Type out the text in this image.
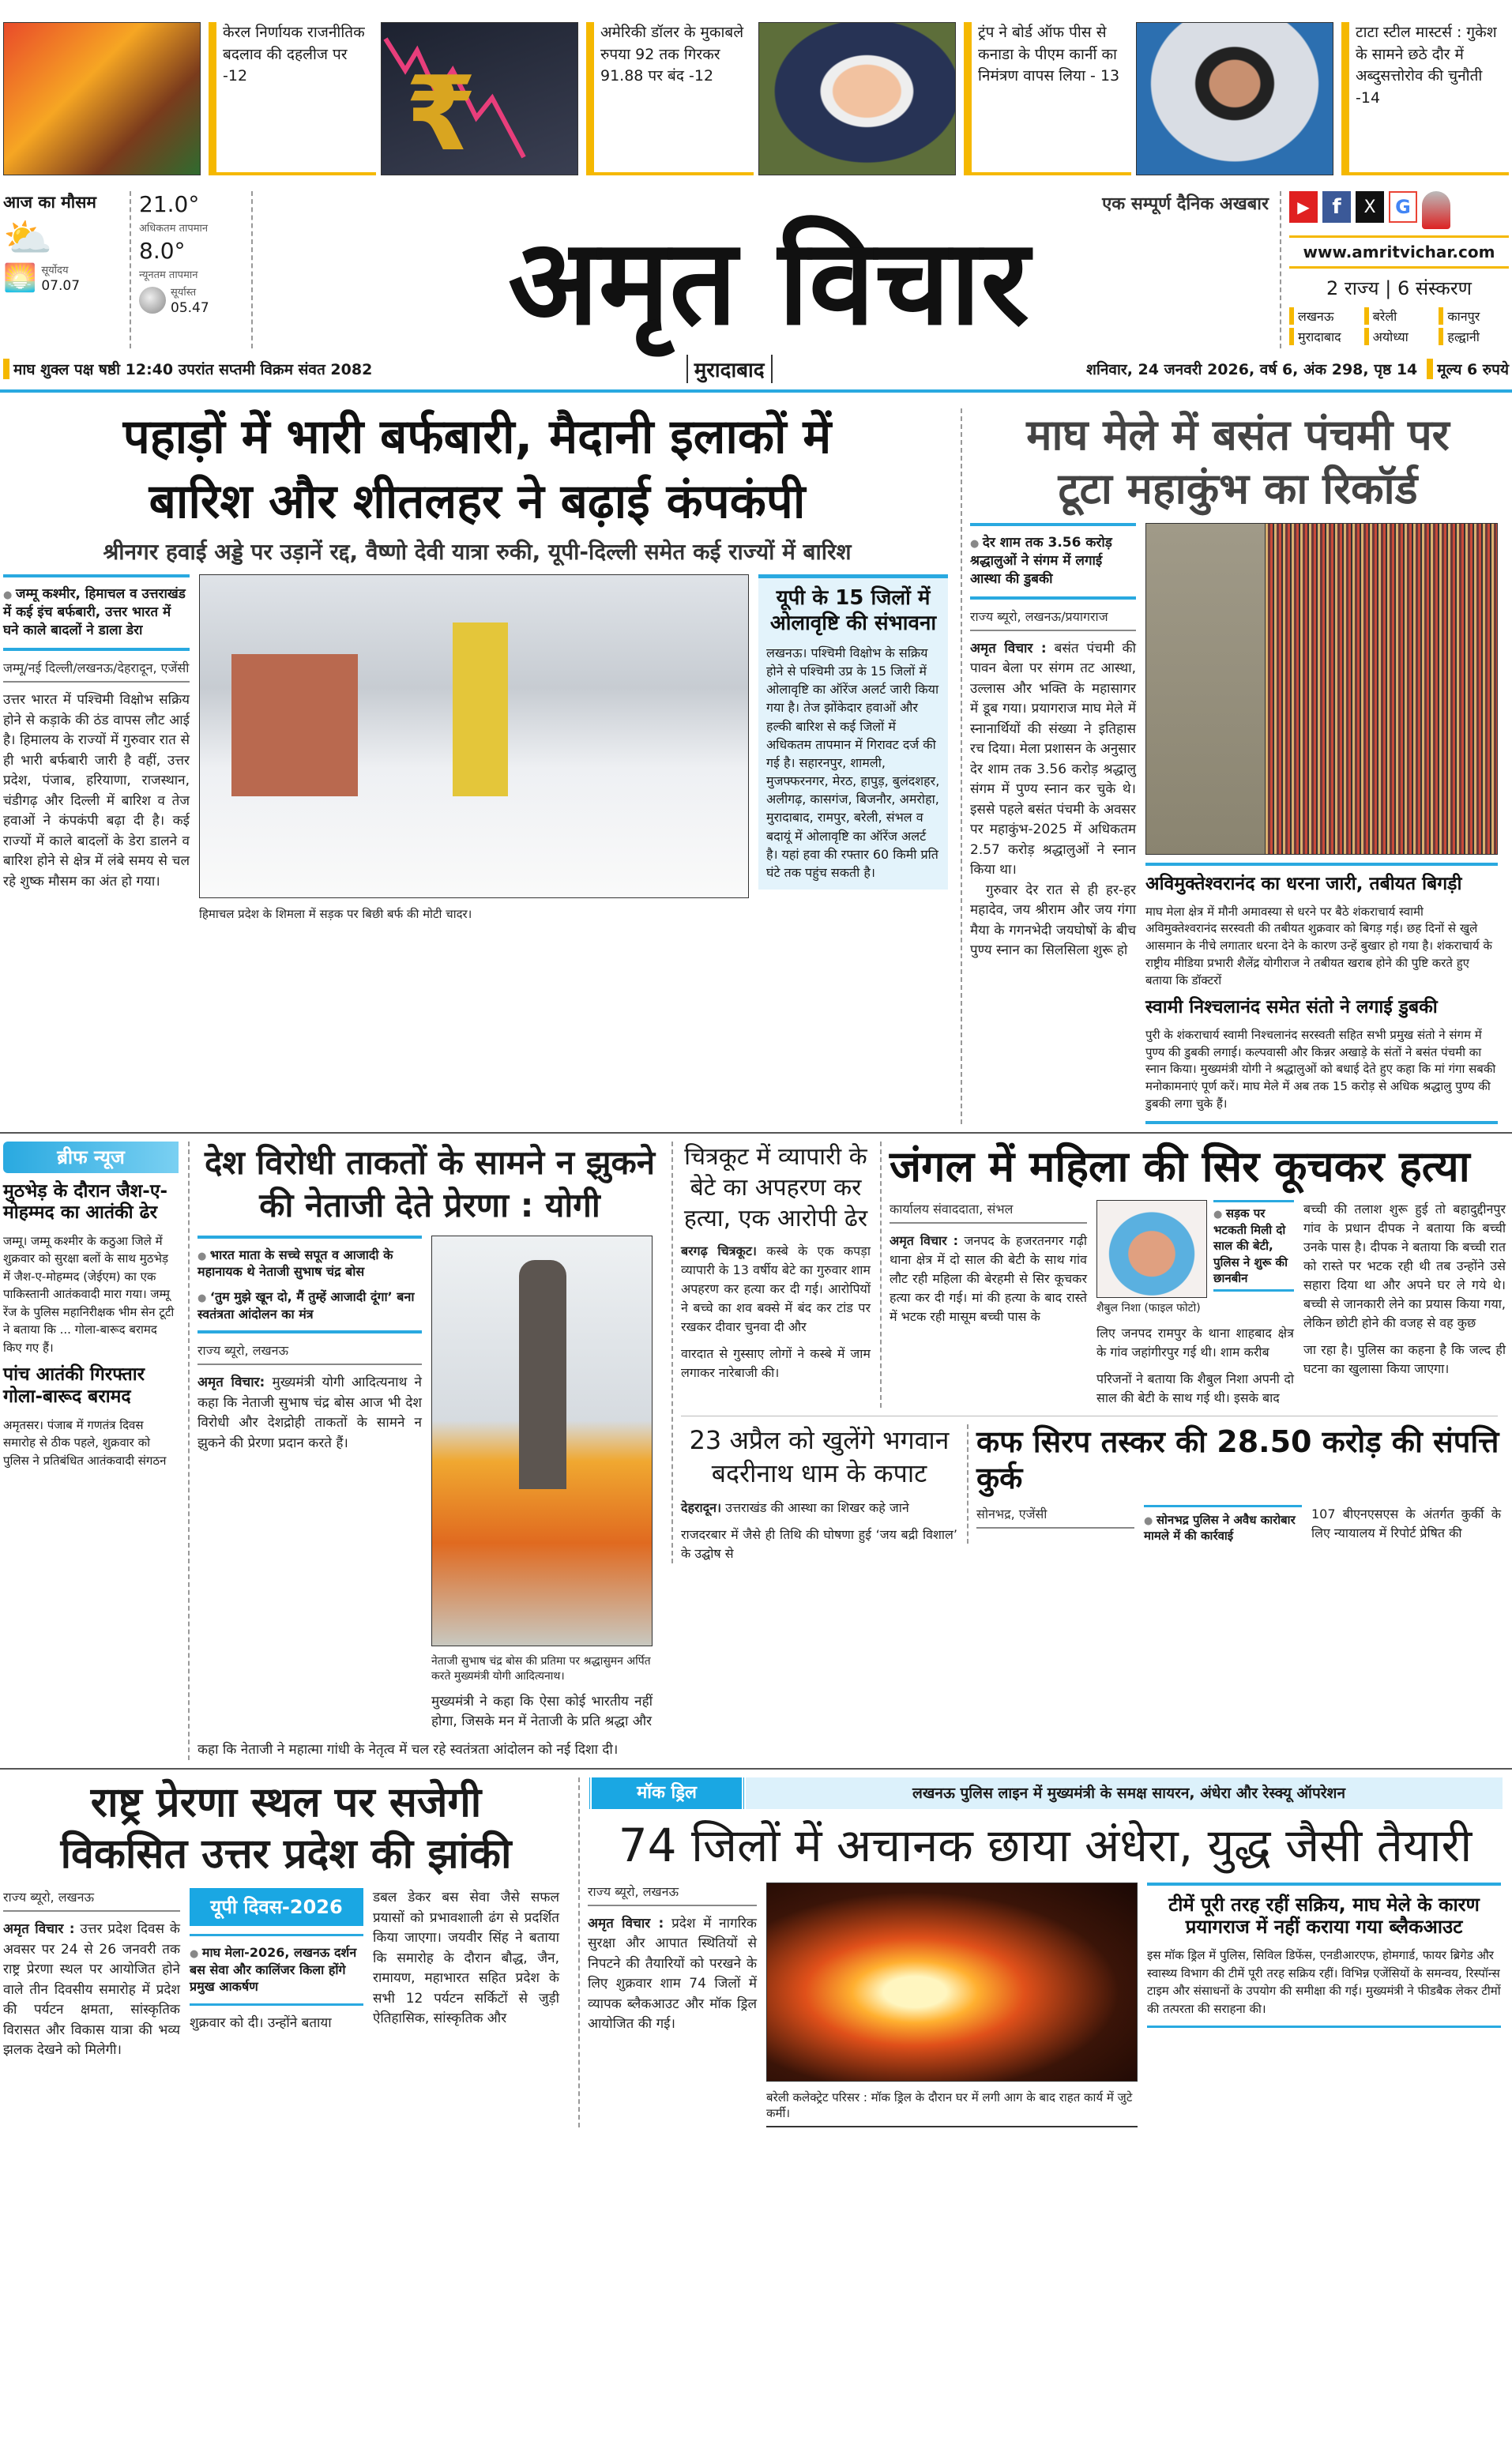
केरल निर्णायक राजनीतिक बदलाव की दहलीज पर -12	₹
अमेरिकी डॉलर के मुकाबले रुपया 92 तक गिरकर 91.88 पर बंद -12
ट्रंप ने बोर्ड ऑफ पीस से कनाडा के पीएम कार्नी का निमंत्रण वापस लिया - 13
टाटा स्टील मास्टर्स : गुकेश के सामने छठे दौर में अब्दुसत्तोरोव की चुनौती -14
आज का मौसम
⛅
🌅 सूर्योदय
07.07
21.0°
अधिकतम तापमान
8.0°
न्यूनतम तापमान
सूर्यास्त
05.47
एक सम्पूर्ण दैनिक अखबार
अमृत विचार
▶	f	X	G
www.amritvichar.com
2 राज्य | 6 संस्करण
लखनऊ	बरेली	कानपुर
मुरादाबाद	अयोध्या	हल्द्वानी
माघ शुक्ल पक्ष षष्ठी 12:40 उपरांत सप्तमी विक्रम संवत 2082	मुरादाबाद	शनिवार, 24 जनवरी 2026, वर्ष 6, अंक 298, पृष्ठ 14	मूल्य 6 रुपये
पहाड़ों में भारी बर्फबारी, मैदानी इलाकों में
बारिश और शीतलहर ने बढ़ाई कंपकंपी
श्रीनगर हवाई अड्डे पर उड़ानें रद्द, वैष्णो देवी यात्रा रुकी, यूपी-दिल्ली समेत कई राज्यों में बारिश
● जम्मू कश्मीर, हिमाचल व उत्तराखंड में कई इंच बर्फबारी, उत्तर भारत में घने काले बादलों ने डाला डेरा
जम्मू/नई दिल्ली/लखनऊ/देहरादून, एजेंसी
उत्तर भारत में पश्चिमी विक्षोभ सक्रिय होने से कड़ाके की ठंड वापस लौट आई है। हिमालय के राज्यों में गुरुवार रात से ही भारी बर्फबारी जारी है वहीं, उत्तर प्रदेश, पंजाब, हरियाणा, राजस्थान, चंडीगढ़ और दिल्ली में बारिश व तेज हवाओं ने कंपकंपी बढ़ा दी है। कई राज्यों में काले बादलों के डेरा डालने व बारिश होने से क्षेत्र में लंबे समय से चल रहे शुष्क मौसम का अंत हो गया।
हिमाचल प्रदेश के शिमला में सड़क पर बिछी बर्फ की मोटी चादर।
यूपी के 15 जिलों में ओलावृष्टि की संभावना
लखनऊ। पश्चिमी विक्षोभ के सक्रिय होने से पश्चिमी उप्र के 15 जिलों में ओलावृष्टि का ऑरेंज अलर्ट जारी किया गया है। तेज झोंकेदार हवाओं और हल्की बारिश से कई जिलों में अधिकतम तापमान में गिरावट दर्ज की गई है। सहारनपुर, शामली, मुजफ्फरनगर, मेरठ, हापुड़, बुलंदशहर, अलीगढ़, कासगंज, बिजनौर, अमरोहा, मुरादाबाद, रामपुर, बरेली, संभल व बदायूं में ओलावृष्टि का ऑरेंज अलर्ट है। यहां हवा की रफ्तार 60 किमी प्रति घंटे तक पहुंच सकती है।
माघ मेले में बसंत पंचमी पर
टूटा महाकुंभ का रिकॉर्ड
● देर शाम तक 3.56 करोड़ श्रद्धालुओं ने संगम में लगाई आस्था की डुबकी
राज्य ब्यूरो, लखनऊ/प्रयागराज
अमृत विचार : बसंत पंचमी की पावन बेला पर संगम तट आस्था, उल्लास और भक्ति के महासागर में डूब गया। प्रयागराज माघ मेले में स्नानार्थियों की संख्या ने इतिहास रच दिया। मेला प्रशासन के अनुसार देर शाम तक 3.56 करोड़ श्रद्धालु संगम में पुण्य स्नान कर चुके थे। इससे पहले बसंत पंचमी के अवसर पर महाकुंभ-2025 में अधिकतम 2.57 करोड़ श्रद्धालुओं ने स्नान किया था।
गुरुवार देर रात से ही हर-हर महादेव, जय श्रीराम और जय गंगा मैया के गगनभेदी जयघोषों के बीच पुण्य स्नान का सिलसिला शुरू हो
अविमुक्तेश्वरानंद का धरना जारी, तबीयत बिगड़ी
माघ मेला क्षेत्र में मौनी अमावस्या से धरने पर बैठे शंकराचार्य स्वामी अविमुक्तेश्वरानंद सरस्वती की तबीयत शुक्रवार को बिगड़ गई। छह दिनों से खुले आसमान के नीचे लगातार धरना देने के कारण उन्हें बुखार हो गया है। शंकराचार्य के राष्ट्रीय मीडिया प्रभारी शैलेंद्र योगीराज ने तबीयत खराब होने की पुष्टि करते हुए बताया कि डॉक्टरों
स्वामी निश्चलानंद समेत संतो ने लगाई डुबकी
पुरी के शंकराचार्य स्वामी निश्चलानंद सरस्वती सहित सभी प्रमुख संतो ने संगम में पुण्य की डुबकी लगाई। कल्पवासी और किन्नर अखाड़े के संतों ने बसंत पंचमी का स्नान किया। मुख्यमंत्री योगी ने श्रद्धालुओं को बधाई देते हुए कहा कि मां गंगा सबकी मनोकामनाएं पूर्ण करें। माघ मेले में अब तक 15 करोड़ से अधिक श्रद्धालु पुण्य की डुबकी लगा चुके हैं।
ब्रीफ न्यूज
मुठभेड़ के दौरान जैश-ए-मोहम्मद का आतंकी ढेर
जम्मू। जम्मू कश्मीर के कठुआ जिले में शुक्रवार को सुरक्षा बलों के साथ मुठभेड़ में जैश-ए-मोहम्मद (जेईएम) का एक पाकिस्तानी आतंकवादी मारा गया। जम्मू रेंज के पुलिस महानिरीक्षक भीम सेन टूटी ने बताया कि ... गोला-बारूद बरामद किए गए हैं।
पांच आतंकी गिरफ्तार गोला-बारूद बरामद
अमृतसर। पंजाब में गणतंत्र दिवस समारोह से ठीक पहले, शुक्रवार को पुलिस ने प्रतिबंधित आतंकवादी संगठन
देश विरोधी ताकतों के सामने न झुकने की नेताजी देते प्रेरणा : योगी
● भारत माता के सच्चे सपूत व आजादी के महानायक थे नेताजी सुभाष चंद्र बोस
● ‘तुम मुझे खून दो, मैं तुम्हें आजादी दूंगा’ बना स्वतंत्रता आंदोलन का मंत्र
राज्य ब्यूरो, लखनऊ
अमृत विचार: मुख्यमंत्री योगी आदित्यनाथ ने कहा कि नेताजी सुभाष चंद्र बोस आज भी देश विरोधी और देशद्रोही ताकतों के सामने न झुकने की प्रेरणा प्रदान करते हैं।
नेताजी सुभाष चंद्र बोस की प्रतिमा पर श्रद्धासुमन अर्पित करते मुख्यमंत्री योगी आदित्यनाथ।
मुख्यमंत्री ने कहा कि ऐसा कोई भारतीय नहीं होगा, जिसके मन में नेताजी के प्रति श्रद्धा और
कहा कि नेताजी ने महात्मा गांधी के नेतृत्व में चल रहे स्वतंत्रता आंदोलन को नई दिशा दी।
चित्रकूट में व्यापारी के बेटे का अपहरण कर हत्या, एक आरोपी ढेर
बरगढ़ चित्रकूट। कस्बे के एक कपड़ा व्यापारी के 13 वर्षीय बेटे का गुरुवार शाम अपहरण कर हत्या कर दी गई। आरोपियों ने बच्चे का शव बक्से में बंद कर टांड पर रखकर दीवार चुनवा दी और
वारदात से गुस्साए लोगों ने कस्बे में जाम लगाकर नारेबाजी की।
जंगल में महिला की सिर कूचकर हत्या
कार्यालय संवाददाता, संभल
अमृत विचार : जनपद के हजरतनगर गढ़ी थाना क्षेत्र में दो साल की बेटी के साथ गांव लौट रही महिला की बेरहमी से सिर कूचकर हत्या कर दी गई। मां की हत्या के बाद रास्ते में भटक रही मासूम बच्ची पास के
शैबुल निशा (फाइल फोटो)
● सड़क पर भटकती मिली दो साल की बेटी, पुलिस ने शुरू की छानबीन
लिए जनपद रामपुर के थाना शाहबाद क्षेत्र के गांव जहांगीरपुर गई थी। शाम करीब
परिजनों ने बताया कि शैबुल निशा अपनी दो साल की बेटी के साथ गई थी। इसके बाद
बच्ची की तलाश शुरू हुई तो बहादुद्दीनपुर गांव के प्रधान दीपक ने बताया कि बच्ची उनके पास है। दीपक ने बताया कि बच्ची रात को रास्ते पर भटक रही थी तब उन्होंने उसे सहारा दिया था और अपने घर ले गये थे। बच्ची से जानकारी लेने का प्रयास किया गया, लेकिन छोटी होने की वजह से वह कुछ
जा रहा है। पुलिस का कहना है कि जल्द ही घटना का खुलासा किया जाएगा।
23 अप्रैल को खुलेंगे भगवान बदरीनाथ धाम के कपाट
देहरादून। उत्तराखंड की आस्था का शिखर कहे जाने
राजदरबार में जैसे ही तिथि की घोषणा हुई ‘जय बद्री विशाल’ के उद्घोष से
कफ सिरप तस्कर की 28.50 करोड़ की संपत्ति कुर्क
सोनभद्र, एजेंसी	● सोनभद्र पुलिस ने अवैध कारोबार मामले में की कार्रवाई
107 बीएनएसएस के अंतर्गत कुर्की के लिए न्यायालय में रिपोर्ट प्रेषित की
राष्ट्र प्रेरणा स्थल पर सजेगी
विकसित उत्तर प्रदेश की झांकी
राज्य ब्यूरो, लखनऊ
अमृत विचार : उत्तर प्रदेश दिवस के अवसर पर 24 से 26 जनवरी तक राष्ट्र प्रेरणा स्थल पर आयोजित होने वाले तीन दिवसीय समारोह में प्रदेश की पर्यटन क्षमता, सांस्कृतिक विरासत और विकास यात्रा की भव्य झलक देखने को मिलेगी।
यूपी दिवस-2026
● माघ मेला-2026, लखनऊ दर्शन बस सेवा और कालिंजर किला होंगे प्रमुख आकर्षण
शुक्रवार को दी। उन्होंने बताया
डबल डेकर बस सेवा जैसे सफल प्रयासों को प्रभावशाली ढंग से प्रदर्शित किया जाएगा। जयवीर सिंह ने बताया कि समारोह के दौरान बौद्ध, जैन, रामायण, महाभारत सहित प्रदेश के सभी 12 पर्यटन सर्किटों से जुड़ी ऐतिहासिक, सांस्कृतिक और
मॉक ड्रिल	लखनऊ पुलिस लाइन में मुख्यमंत्री के समक्ष सायरन, अंधेरा और रेस्क्यू ऑपरेशन
74 जिलों में अचानक छाया अंधेरा, युद्ध जैसी तैयारी
राज्य ब्यूरो, लखनऊ
अमृत विचार : प्रदेश में नागरिक सुरक्षा और आपात स्थितियों से निपटने की तैयारियों को परखने के लिए शुक्रवार शाम 74 जिलों में व्यापक ब्लैकआउट और मॉक ड्रिल आयोजित की गई।
बरेली कलेक्ट्रेट परिसर : मॉक ड्रिल के दौरान घर में लगी आग के बाद राहत कार्य में जुटे कर्मी।
टीमें पूरी तरह रहीं सक्रिय, माघ मेले के कारण प्रयागराज में नहीं कराया गया ब्लैकआउट
इस मॉक ड्रिल में पुलिस, सिविल डिफेंस, एनडीआरएफ, होमगार्ड, फायर ब्रिगेड और स्वास्थ्य विभाग की टीमें पूरी तरह सक्रिय रहीं। विभिन्न एजेंसियों के समन्वय, रिस्पॉन्स टाइम और संसाधनों के उपयोग की समीक्षा की गई। मुख्यमंत्री ने फीडबैक लेकर टीमों की तत्परता की सराहना की।
